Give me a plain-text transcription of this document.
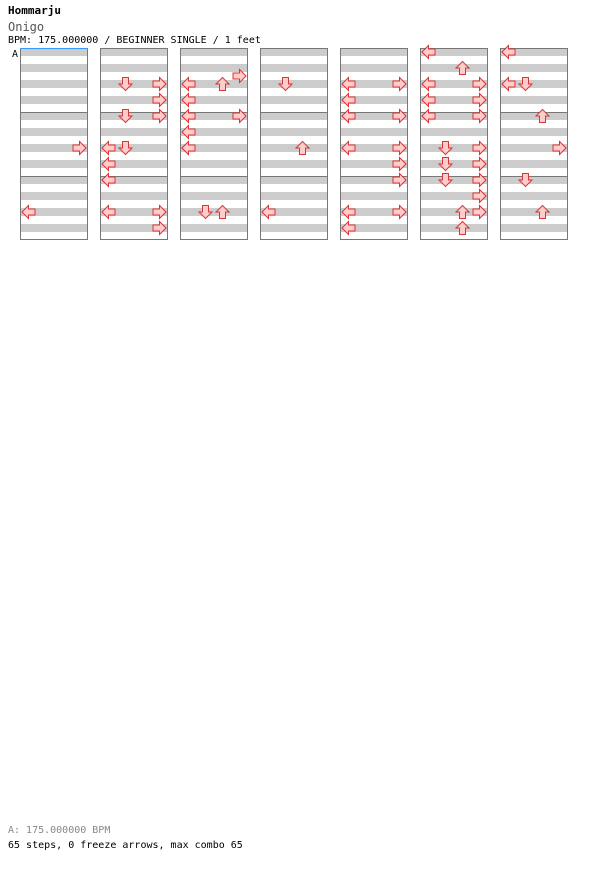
Hommarju
Onigo
BPM: 175.000000 / BEGINNER SINGLE / 1 feet
A
A: 175.000000 BPM
65 steps, 0 freeze arrows, max combo 65
